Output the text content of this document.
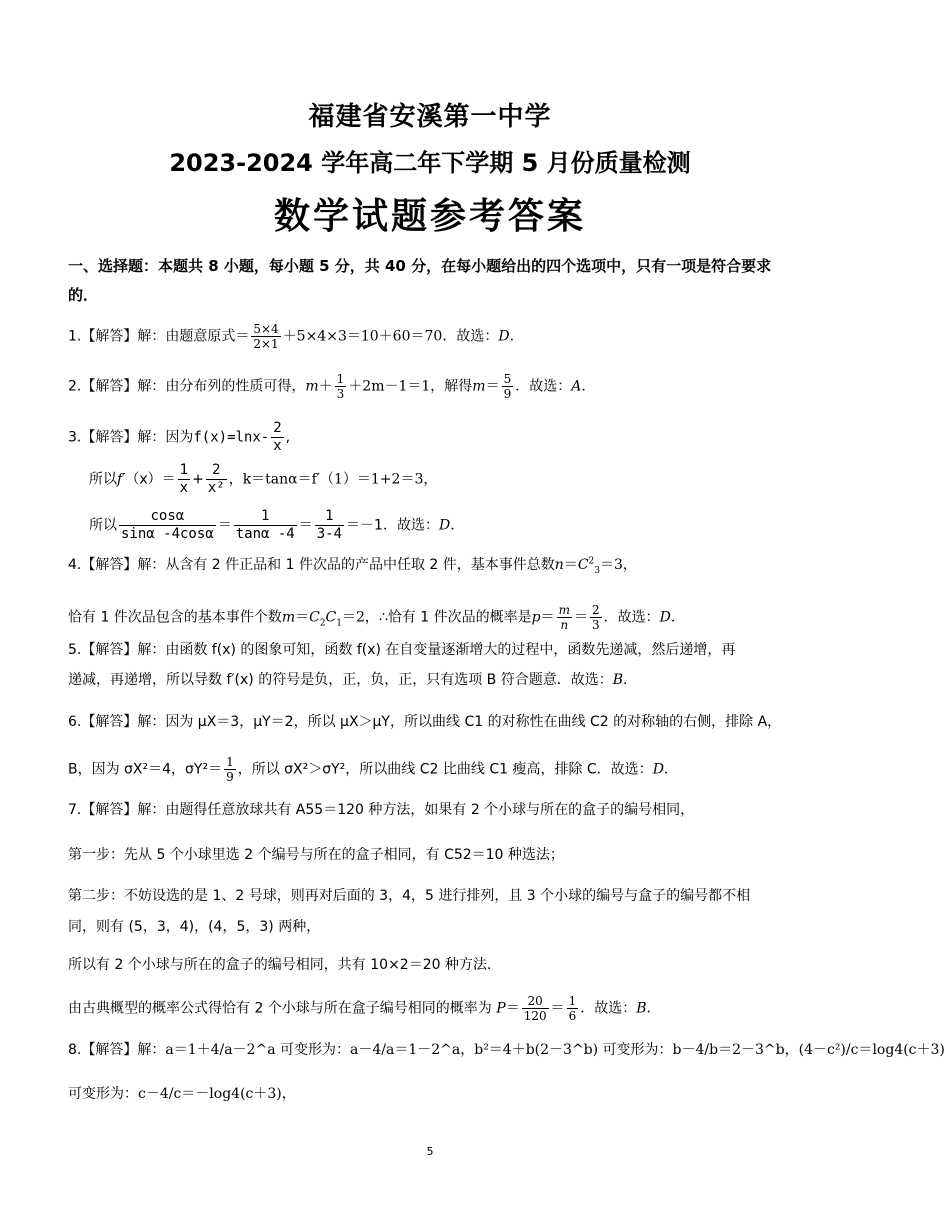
福建省安溪第一中学
2023-2024 学年高二年下学期 5 月份质量检测
数学试题参考答案
一、选择题：本题共 8 小题，每小题 5 分，共 40 分，在每小题给出的四个选项中，只有一项是符合要求的．
1.【解答】解：由题意原式＝ $\frac{5\times 4}{2\times 1} +5\times 4\times 3=10+60=70$．故选：D．
2.【解答】解：由分布列的性质可得，$m+ \frac{1}{3} +2m-1=1$，解得$m= \frac{5}{9}$ ．故选：A．
3.【解答】解：因为$f(x)=\ln x- \frac{2}{x}$ ,
所以$f'(x)= \frac{1}{x} + \frac{2}{\text{x²}}$ ，k＝tanα＝f′（1）＝1+2＝3，
所以 $\frac{\cos\alpha}{\sin\alpha -4\cos\alpha} = \frac{1}{\tan\alpha -4} = \frac{1}{3-4} =-1$．故选：D．
4.【解答】解：从含有 2 件正品和 1 件次品的产品中任取 2 件，基本事件总数$n=C^2_3=3$，
恰有 1 件次品包含的基本事件个数$m=C_2C_1=2$，∴恰有 1 件次品的概率是$p= \frac{m}{n} = \frac{2}{3}$ ．故选：D．
5.【解答】解：由函数 f(x) 的图象可知，函数 f(x) 在自变量逐渐增大的过程中，函数先递减，然后递增，再
递减，再递增，所以导数 f′(x) 的符号是负，正，负，正，只有选项 B 符合题意．故选：B．
6.【解答】解：因为 μX＝3，μY＝2，所以 μX＞μY，所以曲线 C1 的对称性在曲线 C2 的对称轴的右侧，排除 A，
B，因为 σX²＝4，$\sigma Y^2= \frac{1}{9}$ ，所以 σX²＞σY²，所以曲线 C2 比曲线 C1 瘦高，排除 C．故选：D．
7.【解答】解：由题得任意放球共有 A55＝120 种方法，如果有 2 个小球与所在的盒子的编号相同，
第一步：先从 5 个小球里选 2 个编号与所在的盒子相同，有 C52＝10 种选法；
第二步：不妨设选的是 1、2 号球，则再对后面的 3，4，5 进行排列，且 3 个小球的编号与盒子的编号都不相
同，则有 (5，3，4)，(4，5，3) 两种，
所以有 2 个小球与所在的盒子的编号相同，共有 10×2＝20 种方法．
由古典概型的概率公式得恰有 2 个小球与所在盒子编号相同的概率为 $P= \frac{20}{120} = \frac{1}{6}$ ．故选：B．
8.【解答】解：a＝1＋4/a－2^a 可变形为：a－4/a＝1－2^a，b²＝4＋b(2－3^b) 可变形为：b－4/b＝2－3^b，(4－c²)/c＝log4(c＋3)
可变形为：c－4/c＝－log4(c＋3)，
5
